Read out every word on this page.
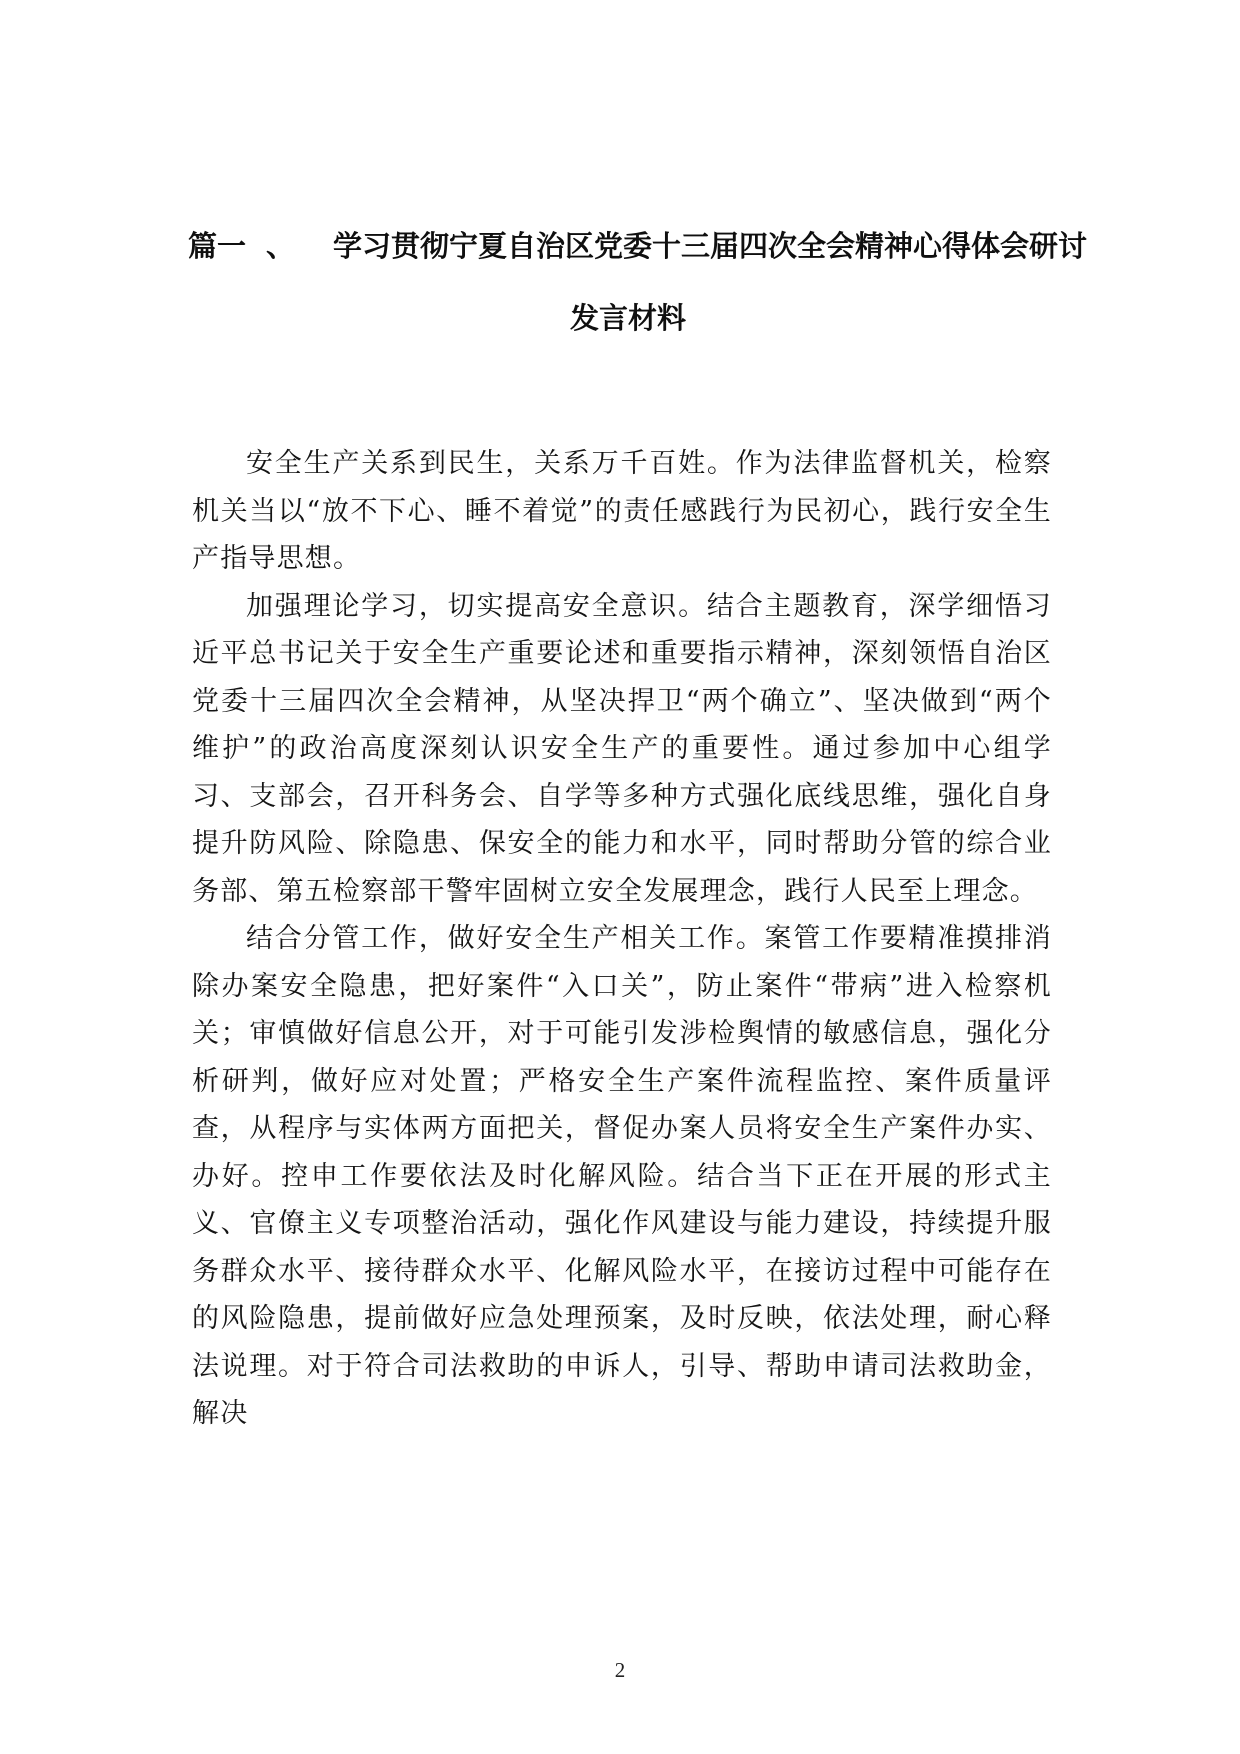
篇一 、 学习贯彻宁夏自治区党委十三届四次全会精神心得体会研讨
发言材料

安全生产关系到民生，关系万千百姓。作为法律监督机关，检察机关当以“放不下心、睡不着觉”的责任感践行为民初心，践行安全生产指导思想。

加强理论学习，切实提高安全意识。结合主题教育，深学细悟习近平总书记关于安全生产重要论述和重要指示精神，深刻领悟自治区党委十三届四次全会精神，从坚决捍卫“两个确立”、坚决做到“两个维护”的政治高度深刻认识安全生产的重要性。通过参加中心组学习、支部会，召开科务会、自学等多种方式强化底线思维，强化自身提升防风险、除隐患、保安全的能力和水平，同时帮助分管的综合业务部、第五检察部干警牢固树立安全发展理念，践行人民至上理念。

结合分管工作，做好安全生产相关工作。案管工作要精准摸排消除办案安全隐患，把好案件“入口关”，防止案件“带病”进入检察机关；审慎做好信息公开，对于可能引发涉检舆情的敏感信息，强化分析研判，做好应对处置；严格安全生产案件流程监控、案件质量评查，从程序与实体两方面把关，督促办案人员将安全生产案件办实、办好。控申工作要依法及时化解风险。结合当下正在开展的形式主义、官僚主义专项整治活动，强化作风建设与能力建设，持续提升服务群众水平、接待群众水平、化解风险水平，在接访过程中可能存在的风险隐患，提前做好应急处理预案，及时反映，依法处理，耐心释法说理。对于符合司法救助的申诉人，引导、帮助申请司法救助金，解决

2
